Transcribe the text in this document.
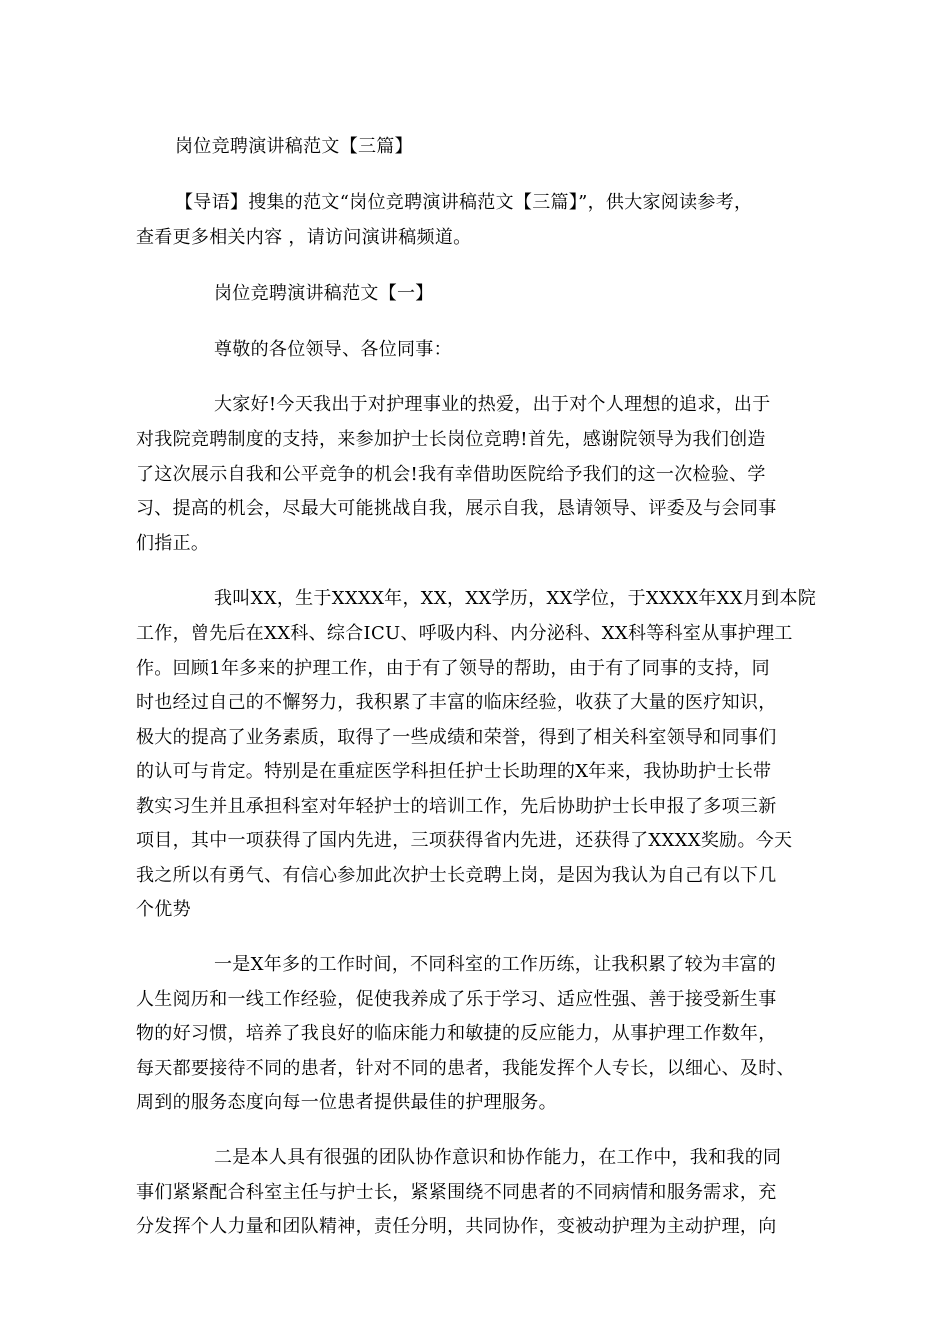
岗位竞聘演讲稿范文【三篇】
【导语】搜集的范文“岗位竞聘演讲稿范文【三篇】”，供大家阅读参考，
查看更多相关内容 ，请访问演讲稿频道。
岗位竞聘演讲稿范文【一】
尊敬的各位领导、各位同事：
大家好!今天我出于对护理事业的热爱，出于对个人理想的追求，出于
对我院竞聘制度的支持，来参加护士长岗位竞聘!首先，感谢院领导为我们创造
了这次展示自我和公平竞争的机会!我有幸借助医院给予我们的这一次检验、学
习、提高的机会，尽最大可能挑战自我，展示自我，恳请领导、评委及与会同事
们指正。
我叫XX，生于XXXX年，XX，XX学历，XX学位，于XXXX年XX月到本院
工作，曾先后在XX科、综合ICU、呼吸内科、内分泌科、XX科等科室从事护理工
作。回顾1年多来的护理工作，由于有了领导的帮助，由于有了同事的支持，同
时也经过自己的不懈努力，我积累了丰富的临床经验，收获了大量的医疗知识，
极大的提高了业务素质，取得了一些成绩和荣誉，得到了相关科室领导和同事们
的认可与肯定。特别是在重症医学科担任护士长助理的X年来，我协助护士长带
教实习生并且承担科室对年轻护士的培训工作，先后协助护士长申报了多项三新
项目，其中一项获得了国内先进，三项获得省内先进，还获得了XXXX奖励。今天
我之所以有勇气、有信心参加此次护士长竞聘上岗，是因为我认为自己有以下几
个优势
一是X年多的工作时间，不同科室的工作历练，让我积累了较为丰富的
人生阅历和一线工作经验，促使我养成了乐于学习、适应性强、善于接受新生事
物的好习惯，培养了我良好的临床能力和敏捷的反应能力，从事护理工作数年，
每天都要接待不同的患者，针对不同的患者，我能发挥个人专长，以细心、及时、
周到的服务态度向每一位患者提供最佳的护理服务。
二是本人具有很强的团队协作意识和协作能力，在工作中，我和我的同
事们紧紧配合科室主任与护士长，紧紧围绕不同患者的不同病情和服务需求，充
分发挥个人力量和团队精神，责任分明，共同协作，变被动护理为主动护理，向
